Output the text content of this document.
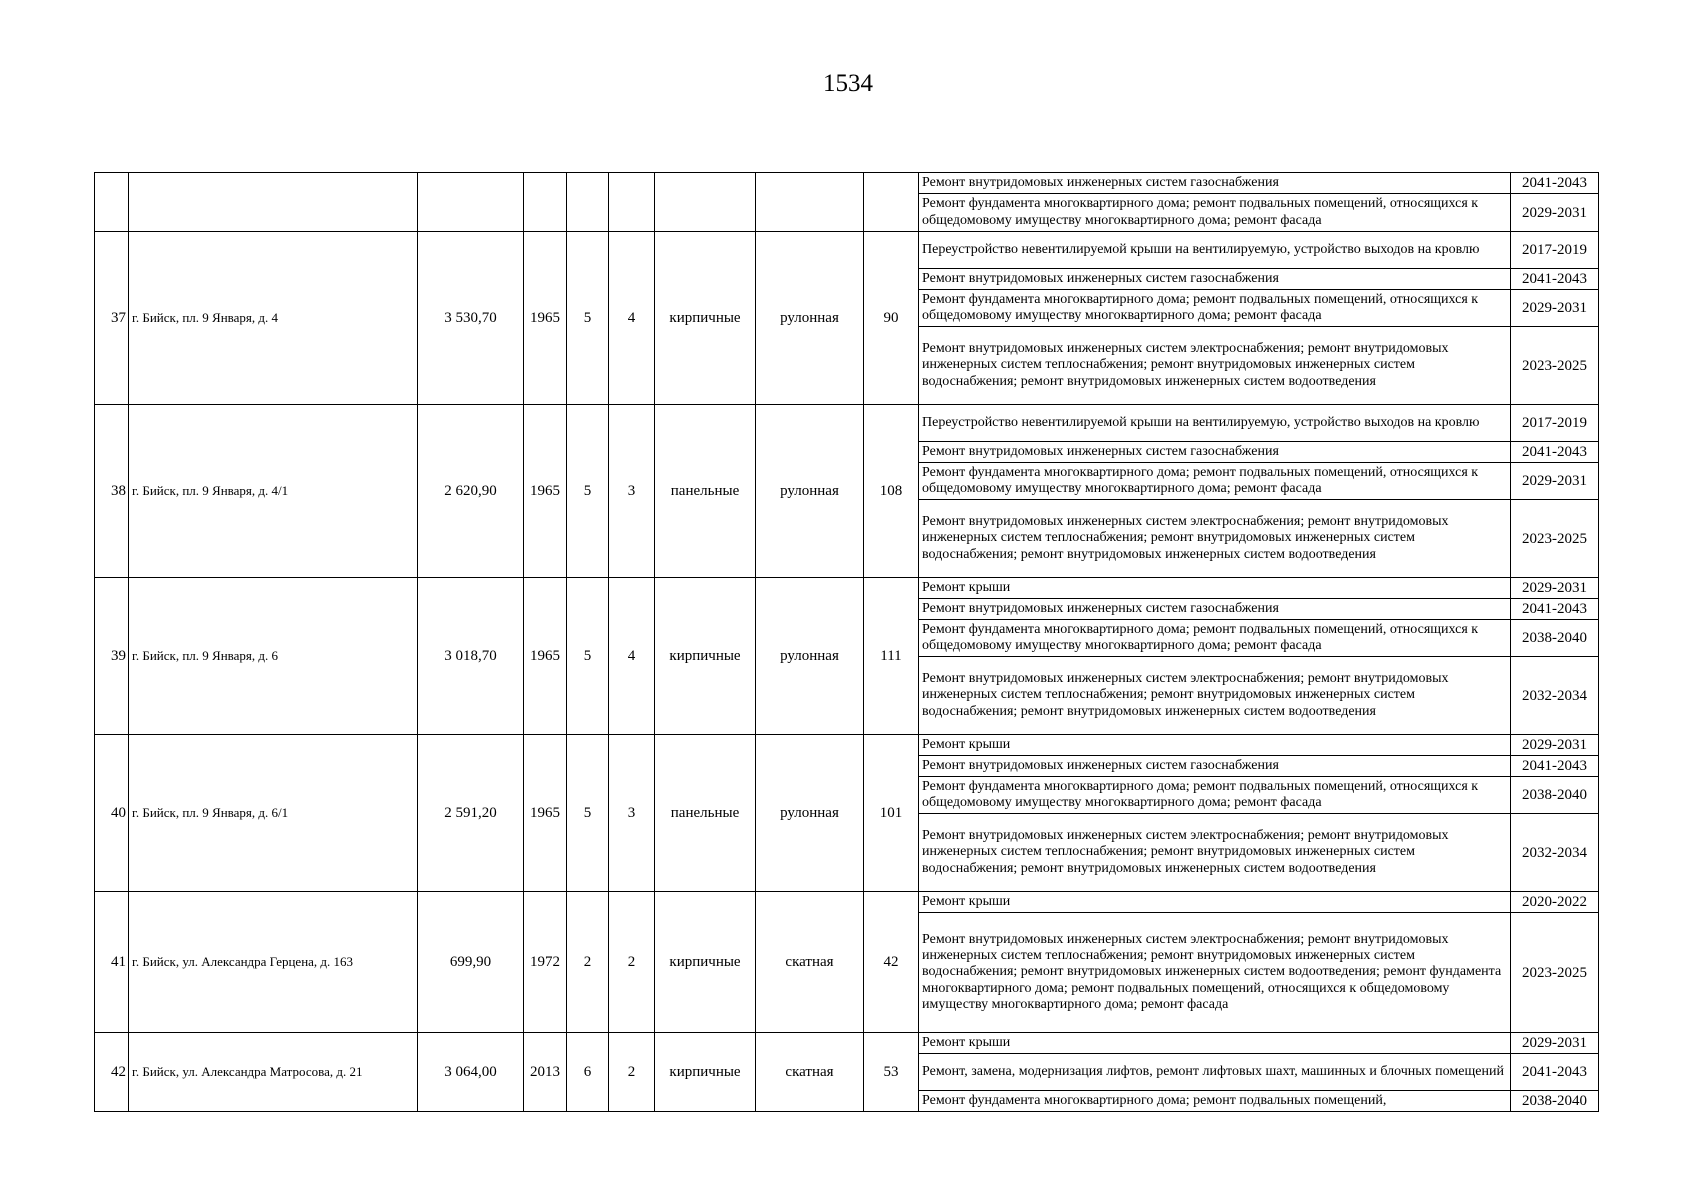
1534
									Ремонт внутридомовых инженерных систем газоснабжения	2041-2043
									Ремонт фундамента многоквартирного дома; ремонт подвальных помещений, относящихся к общедомовому имуществу многоквартирного дома; ремонт фасада	2029-2031
37	г. Бийск, пл. 9 Января, д. 4	3 530,70	1965	5	4	кирпичные	рулонная	90	Переустройство невентилируемой крыши на вентилируемую, устройство выходов на кровлю	2017-2019
									Ремонт внутридомовых инженерных систем газоснабжения	2041-2043
									Ремонт фундамента многоквартирного дома; ремонт подвальных помещений, относящихся к общедомовому имуществу многоквартирного дома; ремонт фасада	2029-2031
									Ремонт внутридомовых инженерных систем электроснабжения; ремонт внутридомовых инженерных систем теплоснабжения; ремонт внутридомовых инженерных систем водоснабжения; ремонт внутридомовых инженерных систем водоотведения	2023-2025
38	г. Бийск, пл. 9 Января, д. 4/1	2 620,90	1965	5	3	панельные	рулонная	108	Переустройство невентилируемой крыши на вентилируемую, устройство выходов на кровлю	2017-2019
									Ремонт внутридомовых инженерных систем газоснабжения	2041-2043
									Ремонт фундамента многоквартирного дома; ремонт подвальных помещений, относящихся к общедомовому имуществу многоквартирного дома; ремонт фасада	2029-2031
									Ремонт внутридомовых инженерных систем электроснабжения; ремонт внутридомовых инженерных систем теплоснабжения; ремонт внутридомовых инженерных систем водоснабжения; ремонт внутридомовых инженерных систем водоотведения	2023-2025
39	г. Бийск, пл. 9 Января, д. 6	3 018,70	1965	5	4	кирпичные	рулонная	111	Ремонт крыши	2029-2031
									Ремонт внутридомовых инженерных систем газоснабжения	2041-2043
									Ремонт фундамента многоквартирного дома; ремонт подвальных помещений, относящихся к общедомовому имуществу многоквартирного дома; ремонт фасада	2038-2040
									Ремонт внутридомовых инженерных систем электроснабжения; ремонт внутридомовых инженерных систем теплоснабжения; ремонт внутридомовых инженерных систем водоснабжения; ремонт внутридомовых инженерных систем водоотведения	2032-2034
40	г. Бийск, пл. 9 Января, д. 6/1	2 591,20	1965	5	3	панельные	рулонная	101	Ремонт крыши	2029-2031
									Ремонт внутридомовых инженерных систем газоснабжения	2041-2043
									Ремонт фундамента многоквартирного дома; ремонт подвальных помещений, относящихся к общедомовому имуществу многоквартирного дома; ремонт фасада	2038-2040
									Ремонт внутридомовых инженерных систем электроснабжения; ремонт внутридомовых инженерных систем теплоснабжения; ремонт внутридомовых инженерных систем водоснабжения; ремонт внутридомовых инженерных систем водоотведения	2032-2034
41	г. Бийск, ул. Александра Герцена, д. 163	699,90	1972	2	2	кирпичные	скатная	42	Ремонт крыши	2020-2022
									Ремонт внутридомовых инженерных систем электроснабжения; ремонт внутридомовых инженерных систем теплоснабжения; ремонт внутридомовых инженерных систем водоснабжения; ремонт внутридомовых инженерных систем водоотведения; ремонт фундамента многоквартирного дома; ремонт подвальных помещений, относящихся к общедомовому имуществу многоквартирного дома; ремонт фасада	2023-2025
42	г. Бийск, ул. Александра Матросова, д. 21	3 064,00	2013	6	2	кирпичные	скатная	53	Ремонт крыши	2029-2031
									Ремонт, замена, модернизация лифтов, ремонт лифтовых шахт, машинных и блочных помещений	2041-2043
									Ремонт фундамента многоквартирного дома; ремонт подвальных помещений,	2038-2040
